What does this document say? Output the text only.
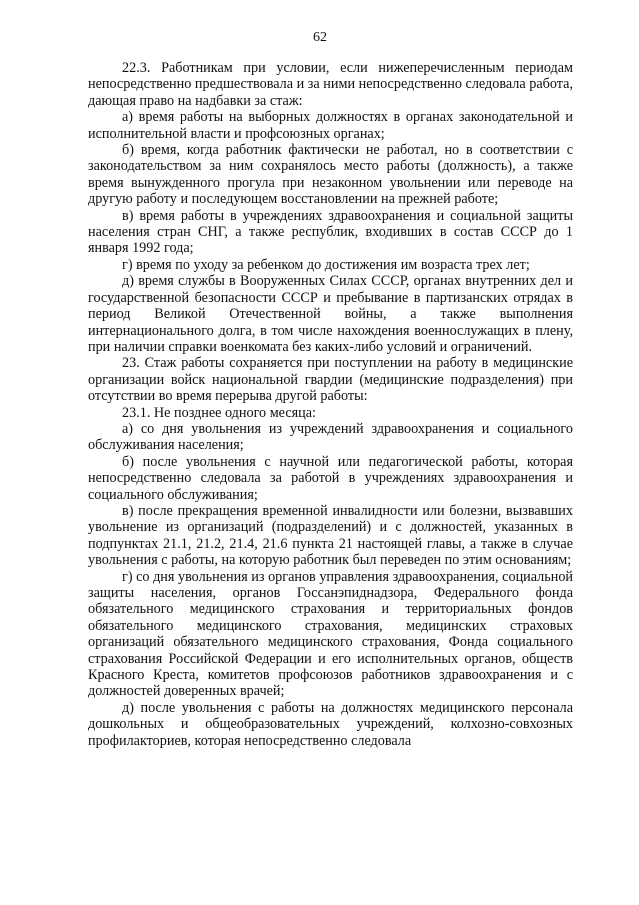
62

22.3. Работникам при условии, если нижеперечисленным периодам непосредственно предшествовала и за ними непосредственно следовала работа, дающая право на надбавки за стаж:

а) время работы на выборных должностях в органах законодательной и исполнительной власти и профсоюзных органах;

б) время, когда работник фактически не работал, но в соответствии с законодательством за ним сохранялось место работы (должность), а также время вынужденного прогула при незаконном увольнении или переводе на другую работу и последующем восстановлении на прежней работе;

в) время работы в учреждениях здравоохранения и социальной защиты населения стран СНГ, а также республик, входивших в состав СССР до 1 января 1992 года;

г) время по уходу за ребенком до достижения им возраста трех лет;

д) время службы в Вооруженных Силах СССР, органах внутренних дел и государственной безопасности СССР и пребывание в партизанских отрядах в период Великой Отечественной войны, а также выполнения интернационального долга, в том числе нахождения военнослужащих в плену, при наличии справки военкомата без каких-либо условий и ограничений.

23. Стаж работы сохраняется при поступлении на работу в медицинские организации войск национальной гвардии (медицинские подразделения) при отсутствии во время перерыва другой работы:

23.1. Не позднее одного месяца:

а) со дня увольнения из учреждений здравоохранения и социального обслуживания населения;

б) после увольнения с научной или педагогической работы, которая непосредственно следовала за работой в учреждениях здравоохранения и социального обслуживания;

в) после прекращения временной инвалидности или болезни, вызвавших увольнение из организаций (подразделений) и с должностей, указанных в подпунктах 21.1, 21.2, 21.4, 21.6 пункта 21 настоящей главы, а также в случае увольнения с работы, на которую работник был переведен по этим основаниям;

г) со дня увольнения из органов управления здравоохранения, социальной защиты населения, органов Госсанэпиднадзора, Федерального фонда обязательного медицинского страхования и территориальных фондов обязательного медицинского страхования, медицинских страховых организаций обязательного медицинского страхования, Фонда социального страхования Российской Федерации и его исполнительных органов, обществ Красного Креста, комитетов профсоюзов работников здравоохранения и с должностей доверенных врачей;

д) после увольнения с работы на должностях медицинского персонала дошкольных и общеобразовательных учреждений, колхозно-совхозных профилакториев, которая непосредственно следовала
